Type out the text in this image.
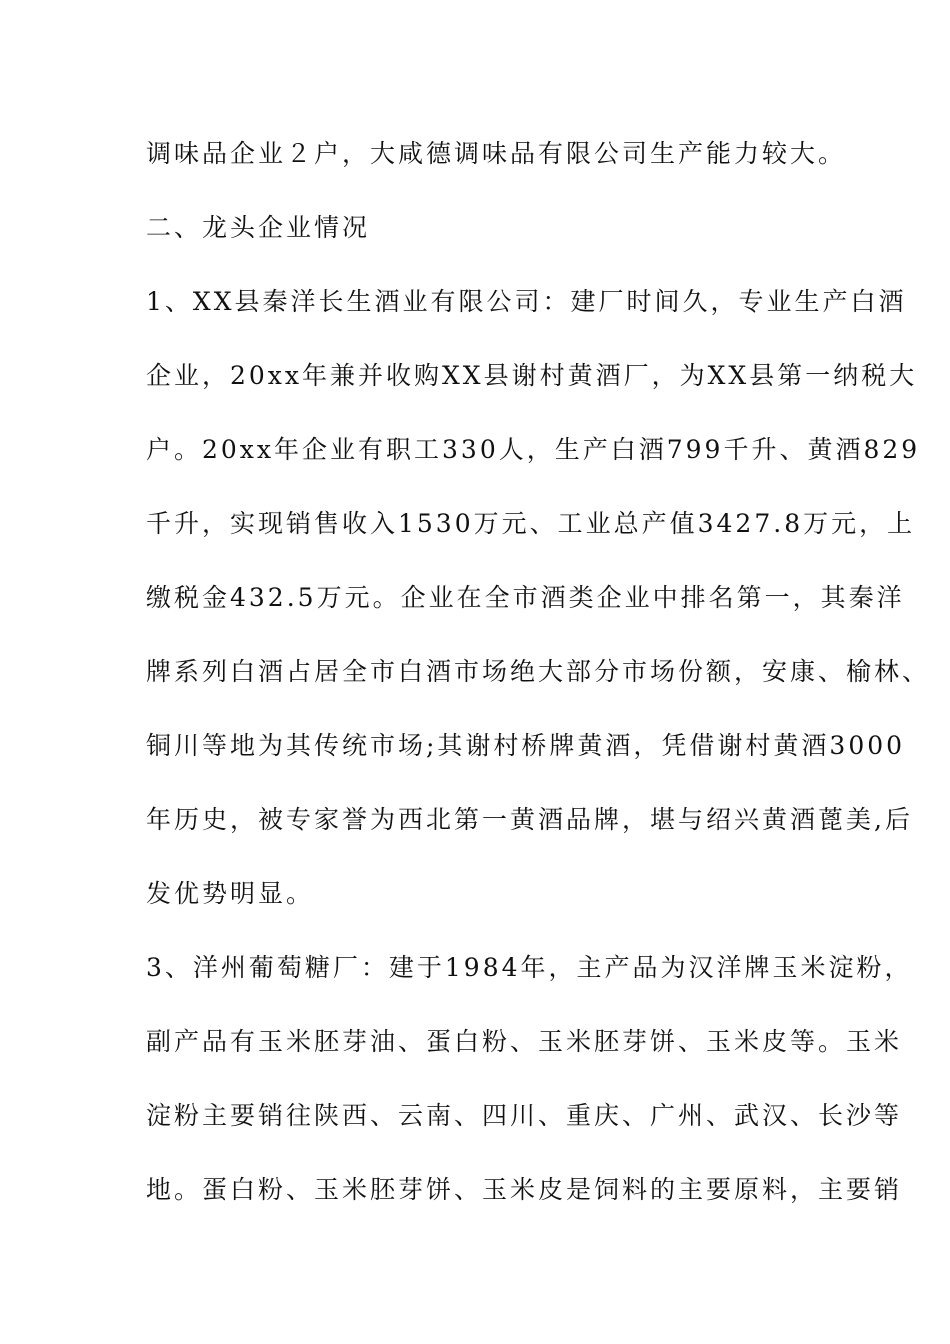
调味品企业２户，大咸德调味品有限公司生产能力较大。
二、龙头企业情况
1、XX县秦洋长生酒业有限公司：建厂时间久，专业生产白酒
企业，20xx年兼并收购XX县谢村黄酒厂，为XX县第一纳税大
户。20xx年企业有职工330人，生产白酒799千升、黄酒829
千升，实现销售收入1530万元、工业总产值3427.8万元，上
缴税金432.5万元。企业在全市酒类企业中排名第一，其秦洋
牌系列白酒占居全市白酒市场绝大部分市场份额，安康、榆林、
铜川等地为其传统市场;其谢村桥牌黄酒，凭借谢村黄酒3000
年历史，被专家誉为西北第一黄酒品牌，堪与绍兴黄酒蓖美,后
发优势明显。
3、洋州葡萄糖厂：建于1984年，主产品为汉洋牌玉米淀粉，
副产品有玉米胚芽油、蛋白粉、玉米胚芽饼、玉米皮等。玉米
淀粉主要销往陕西、云南、四川、重庆、广州、武汉、长沙等
地。蛋白粉、玉米胚芽饼、玉米皮是饲料的主要原料，主要销
